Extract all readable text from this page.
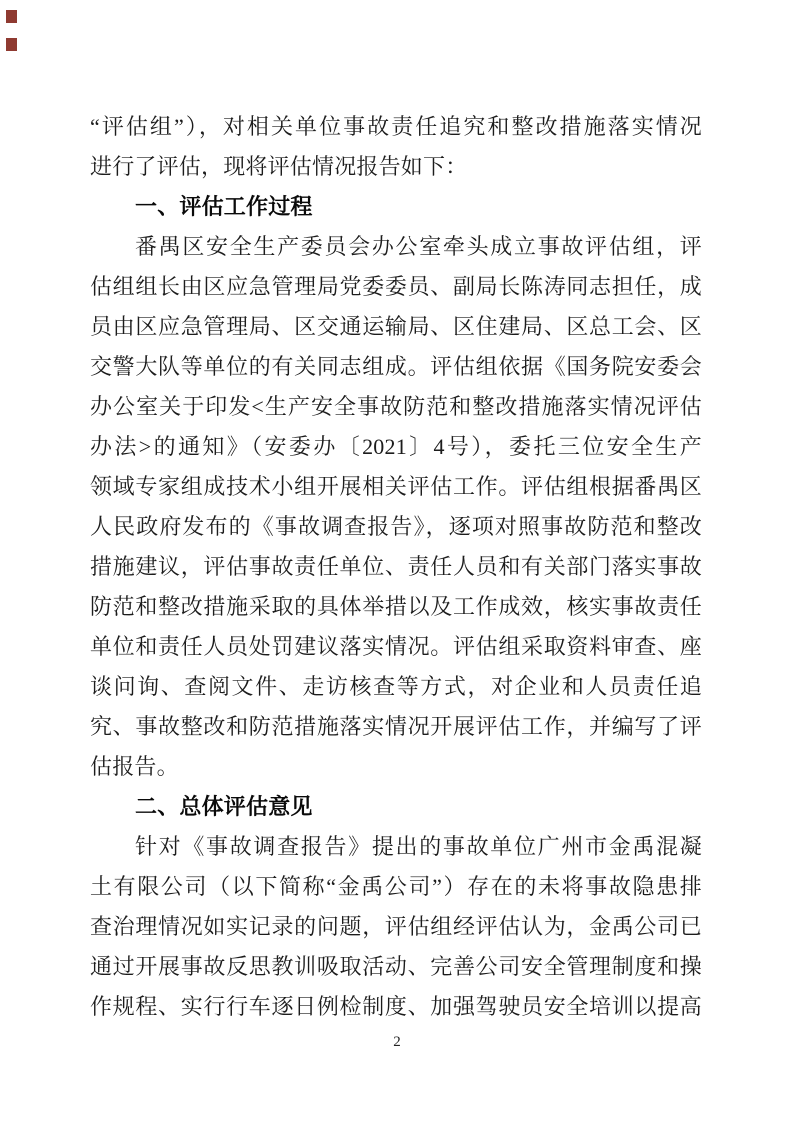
“评估组”），对相关单位事故责任追究和整改措施落实情况
进行了评估，现将评估情况报告如下：
一、评估工作过程
番禺区安全生产委员会办公室牵头成立事故评估组，评
估组组长由区应急管理局党委委员、副局长陈涛同志担任，成
员由区应急管理局、区交通运输局、区住建局、区总工会、区
交警大队等单位的有关同志组成。评估组依据《国务院安委会
办公室关于印发<生产安全事故防范和整改措施落实情况评估
办法>的通知》（安委办〔2021〕4号），委托三位安全生产
领域专家组成技术小组开展相关评估工作。评估组根据番禺区
人民政府发布的《事故调查报告》，逐项对照事故防范和整改
措施建议，评估事故责任单位、责任人员和有关部门落实事故
防范和整改措施采取的具体举措以及工作成效，核实事故责任
单位和责任人员处罚建议落实情况。评估组采取资料审查、座
谈问询、查阅文件、走访核查等方式，对企业和人员责任追
究、事故整改和防范措施落实情况开展评估工作，并编写了评
估报告。
二、总体评估意见
针对《事故调查报告》提出的事故单位广州市金禹混凝
土有限公司（以下简称“金禹公司”）存在的未将事故隐患排
查治理情况如实记录的问题，评估组经评估认为，金禹公司已
通过开展事故反思教训吸取活动、完善公司安全管理制度和操
作规程、实行行车逐日例检制度、加强驾驶员安全培训以提高
2
